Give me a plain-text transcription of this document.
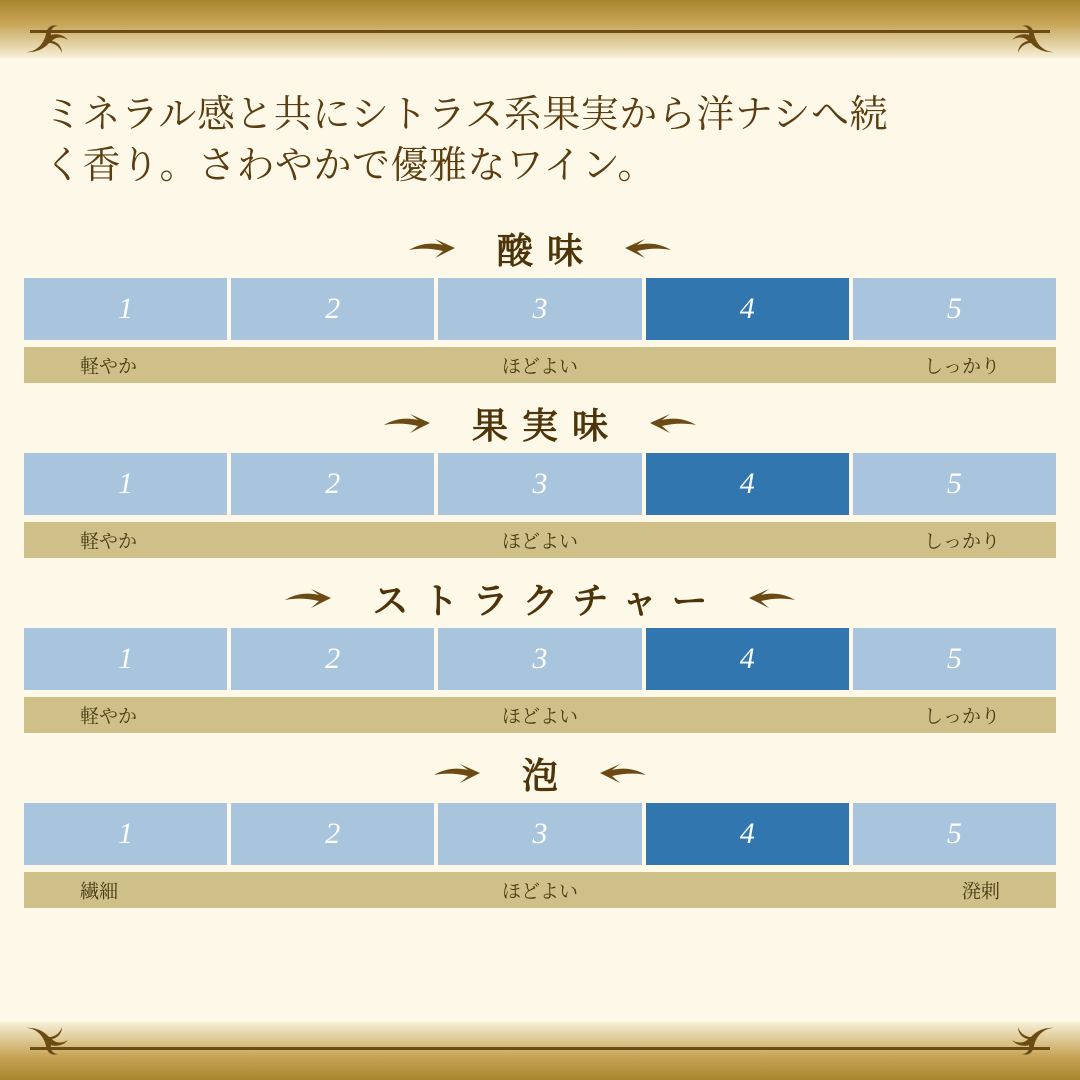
ミネラル感と共にシトラス系果実から洋ナシへ続
く香り。さわやかで優雅なワイン。
酸味
1	2	3	4	5
軽やか	ほどよい	しっかり
果実味
1	2	3	4	5
軽やか	ほどよい	しっかり
ストラクチャー
1	2	3	4	5
軽やか	ほどよい	しっかり
泡
1	2	3	4	5
繊細	ほどよい	溌剌
